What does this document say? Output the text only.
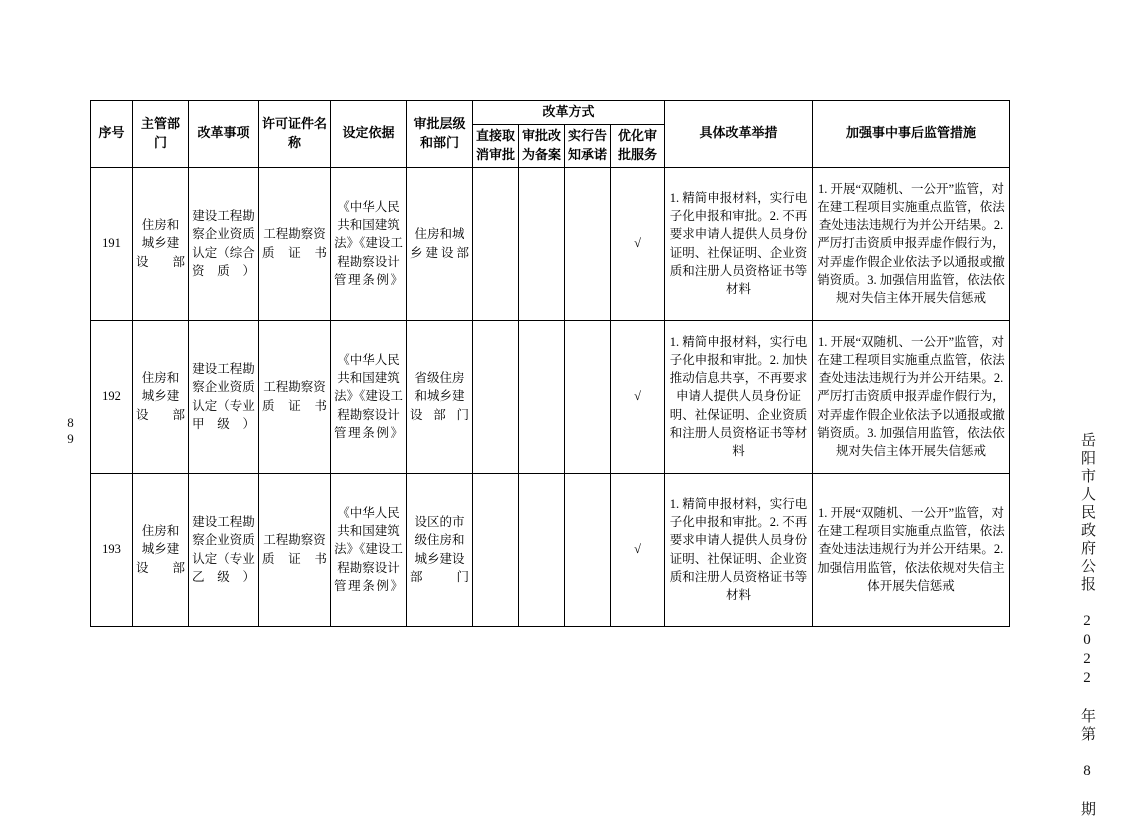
89
序号	主管部门	改革事项	许可证件名称	设定依据	审批层级和部门	改革方式				具体改革举措	加强事中事后监管措施
						直接取消审批	审批改为备案	实行告知承诺	优化审批服务		
191	住房和城乡建设部	建设工程勘察企业资质认定（综合资质）	工程勘察资质证书	《中华人民共和国建筑法》《建设工程勘察设计管理条例》	住房和城乡建设部				√	1. 精简申报材料，实行电子化申报和审批。2. 不再要求申请人提供人员身份证明、社保证明、企业资质和注册人员资格证书等材料	1. 开展“双随机、一公开”监管，对在建工程项目实施重点监管，依法查处违法违规行为并公开结果。2. 严厉打击资质申报弄虚作假行为，对弄虚作假企业依法予以通报或撤销资质。3. 加强信用监管，依法依规对失信主体开展失信惩戒
192	住房和城乡建设部	建设工程勘察企业资质认定（专业甲级）	工程勘察资质证书	《中华人民共和国建筑法》《建设工程勘察设计管理条例》	省级住房和城乡建设部门				√	1. 精简申报材料，实行电子化申报和审批。2. 加快推动信息共享，不再要求申请人提供人员身份证明、社保证明、企业资质和注册人员资格证书等材料	1. 开展“双随机、一公开”监管，对在建工程项目实施重点监管，依法查处违法违规行为并公开结果。2. 严厉打击资质申报弄虚作假行为，对弄虚作假企业依法予以通报或撤销资质。3. 加强信用监管，依法依规对失信主体开展失信惩戒
193	住房和城乡建设部	建设工程勘察企业资质认定（专业乙级）	工程勘察资质证书	《中华人民共和国建筑法》《建设工程勘察设计管理条例》	设区的市级住房和城乡建设部门				√	1. 精简申报材料，实行电子化申报和审批。2. 不再要求申请人提供人员身份证明、社保证明、企业资质和注册人员资格证书等材料	1. 开展“双随机、一公开”监管，对在建工程项目实施重点监管，依法查处违法违规行为并公开结果。2. 加强信用监管，依法依规对失信主体开展失信惩戒	岳阳市人民政府公报 2022 年第 8 期
